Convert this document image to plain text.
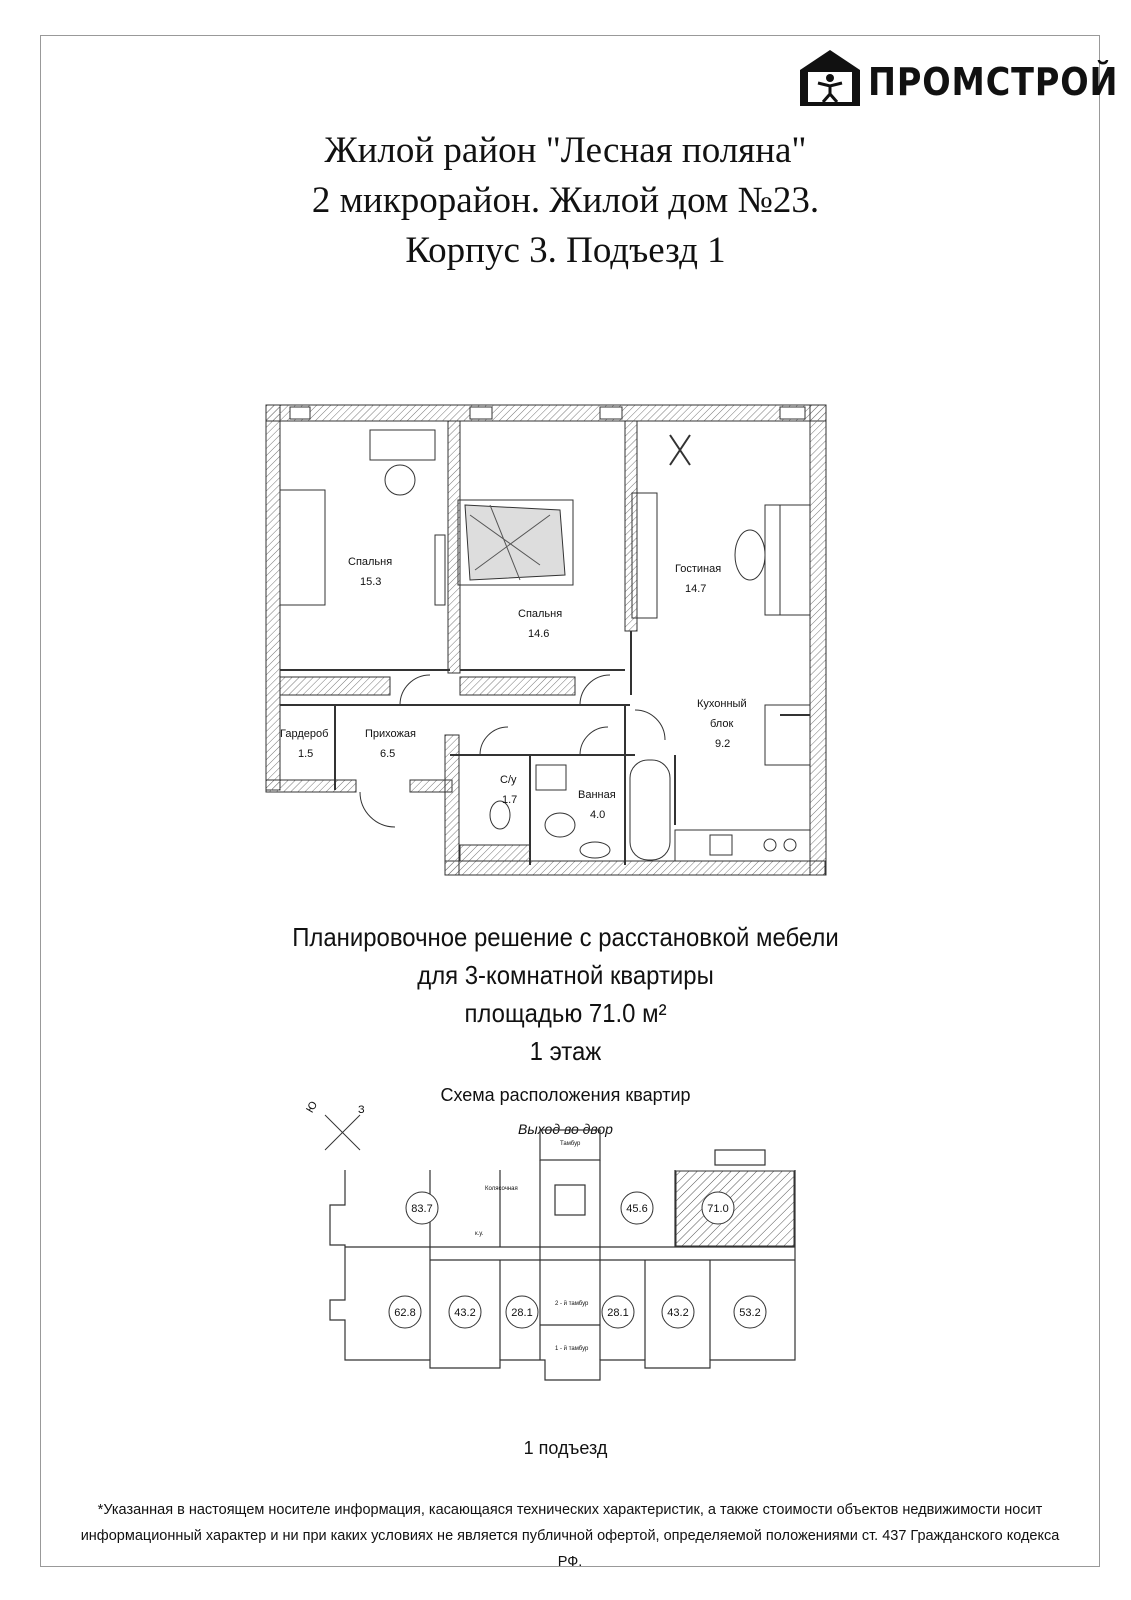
ПРОМСТРОЙ
Жилой район "Лесная поляна"
2 микрорайон. Жилой дом №23.
Корпус 3. Подъезд 1
Спальня
15.3
Спальня
14.6
Гостиная
14.7
Кухонный
блок
9.2
Гардероб
1.5
Прихожая
6.5
С/у
1.7	Ванная
4.0
Планировочное решение с расстановкой мебели
для 3-комнатной квартиры
площадью 71.0 м²
1 этаж
Схема расположения квартир
Выход во двор
Ю	З
83.7	45.6	71.0
62.8	43.2	28.1	28.1	43.2	53.2
Тамбур
Колясочная
к.у.
2 - й тамбур
1 - й тамбур
1 подъезд
*Указанная в настоящем носителе информация, касающаяся технических характеристик, а также стоимости объектов недвижимости носит
информационный характер и ни при каких условиях не является публичной офертой, определяемой положениями ст. 437 Гражданского кодекса РФ.
